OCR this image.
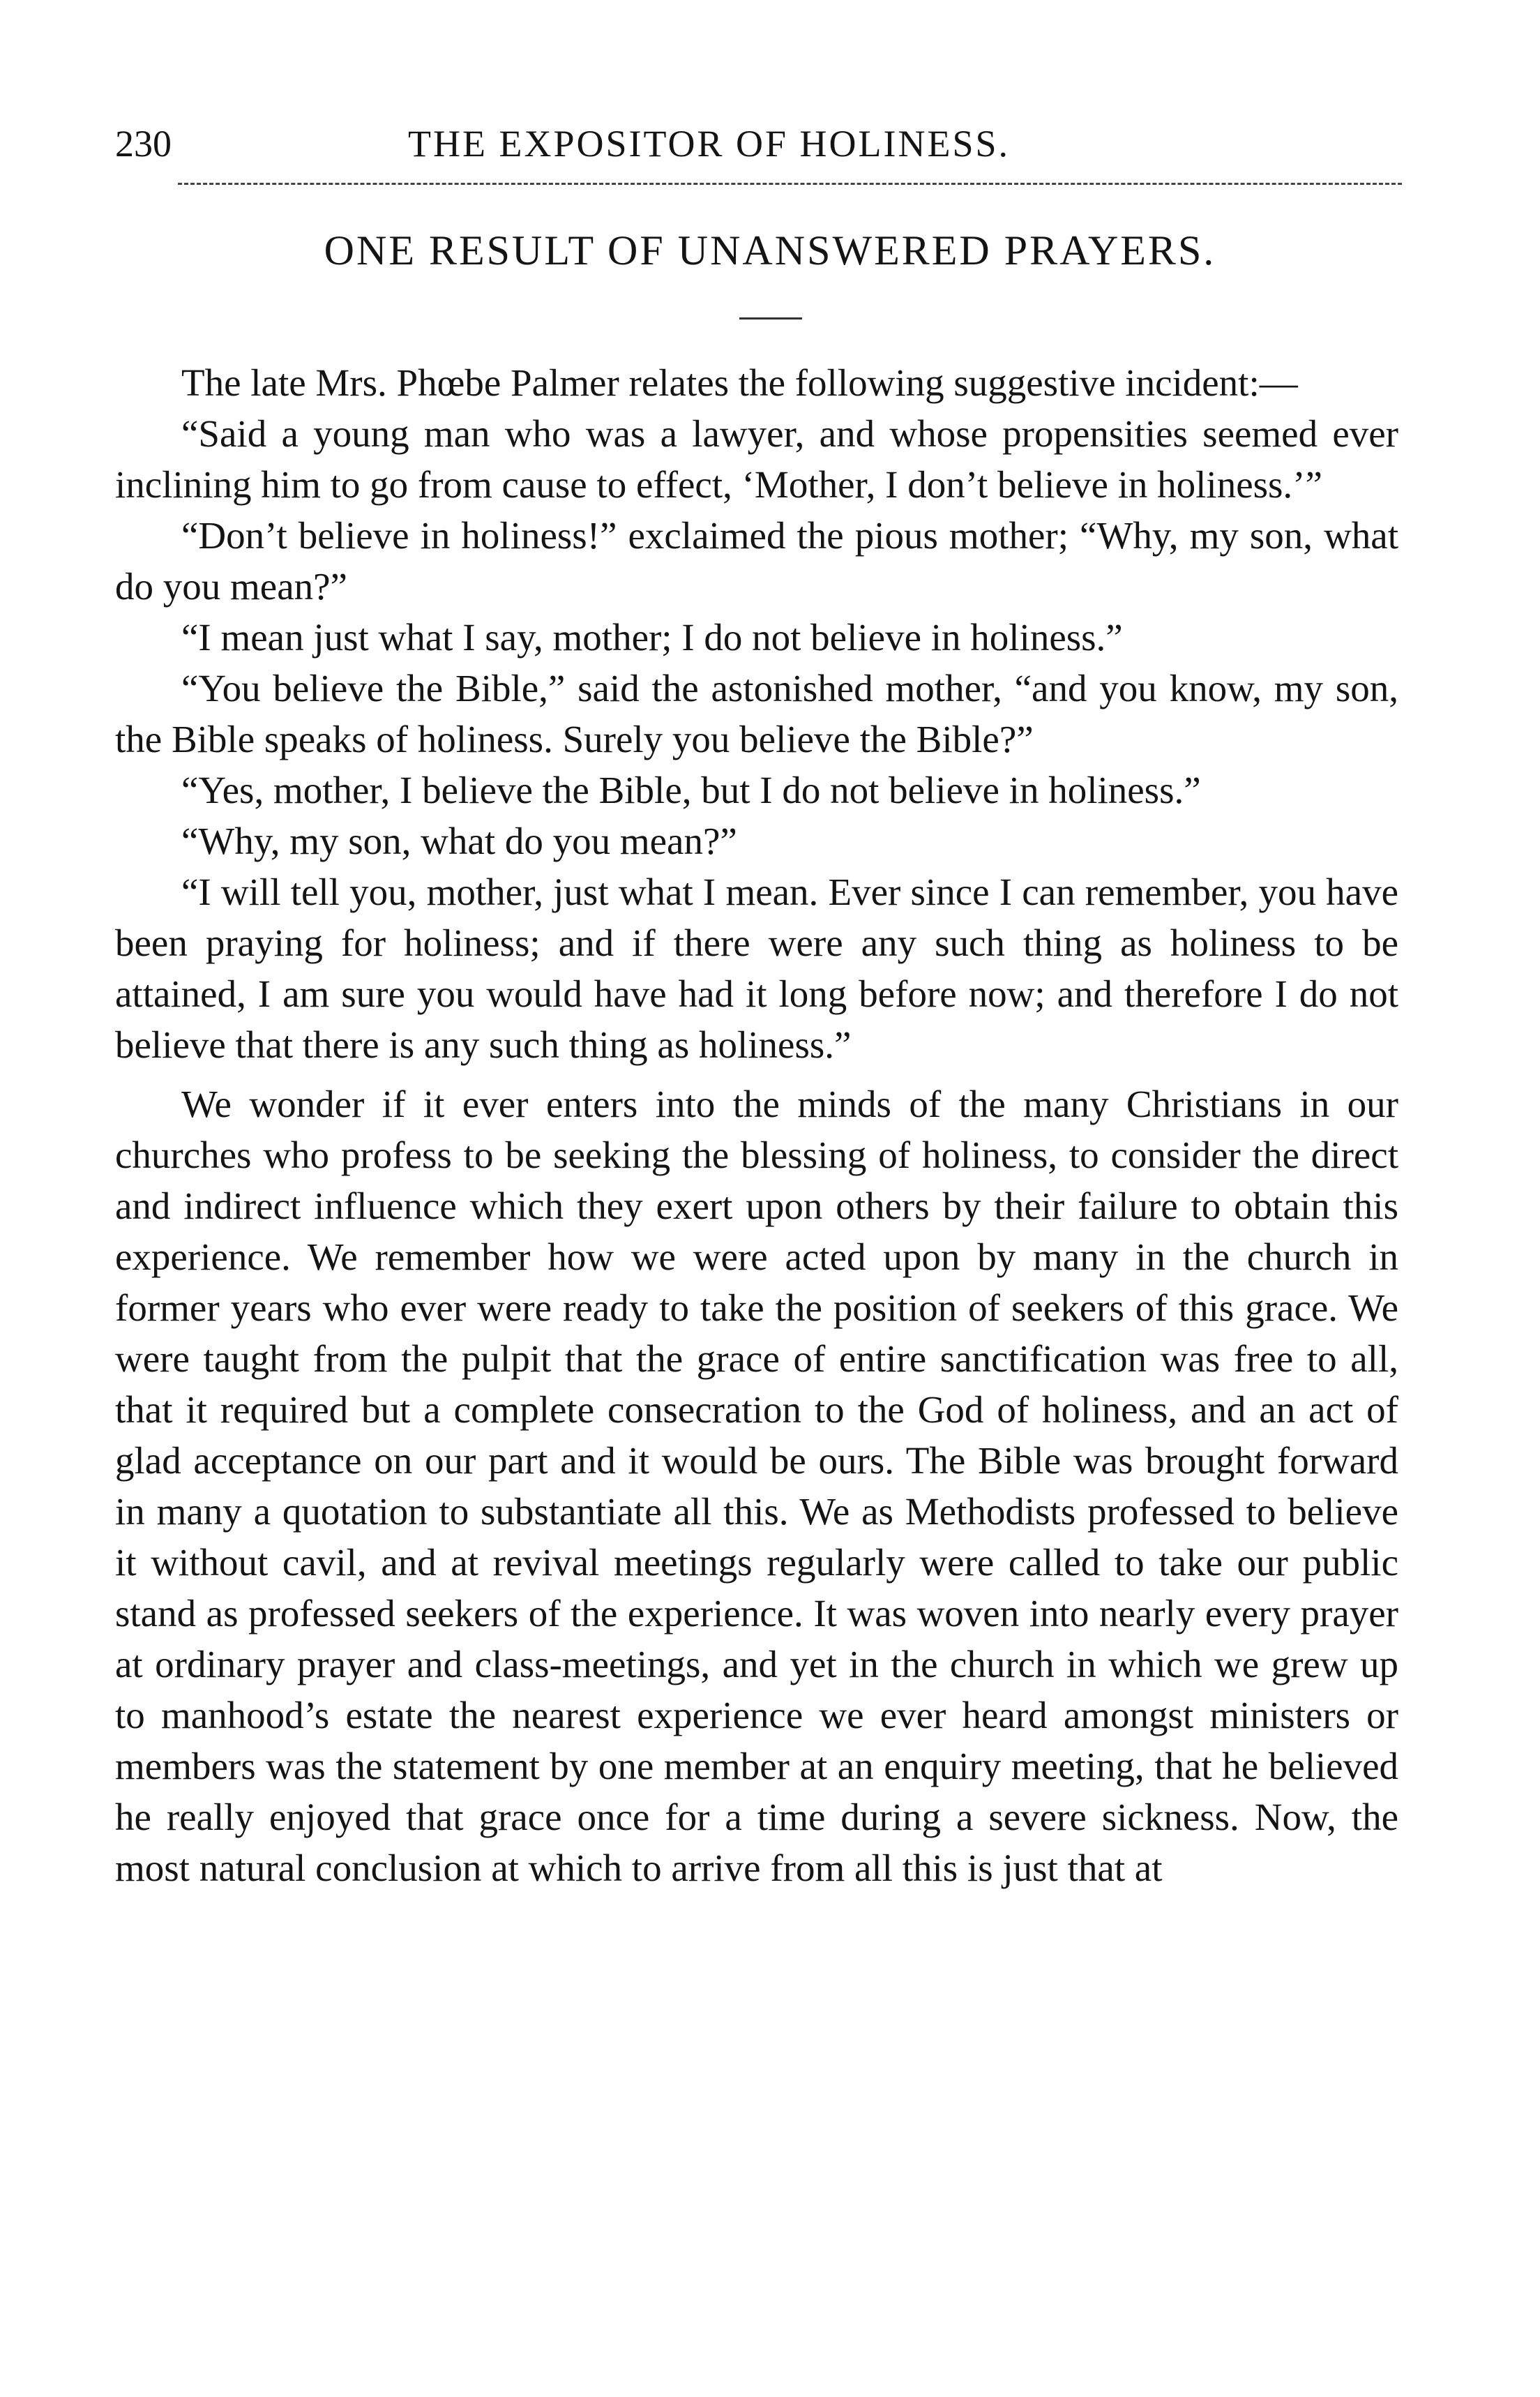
230	THE EXPOSITOR OF HOLINESS.
ONE RESULT OF UNANSWERED PRAYERS.

The late Mrs. Phœbe Palmer relates the following suggestive incident:—

“Said a young man who was a lawyer, and whose propensities seemed ever inclining him to go from cause to effect, ‘Mother, I don’t believe in holiness.’”

“Don’t believe in holiness!” exclaimed the pious mother; “Why, my son, what do you mean?”

“I mean just what I say, mother; I do not believe in holiness.”

“You believe the Bible,” said the astonished mother, “and you know, my son, the Bible speaks of holiness. Surely you believe the Bible?”

“Yes, mother, I believe the Bible, but I do not believe in holiness.”

“Why, my son, what do you mean?”

“I will tell you, mother, just what I mean. Ever since I can remember, you have been praying for holiness; and if there were any such thing as holiness to be attained, I am sure you would have had it long before now; and therefore I do not believe that there is any such thing as holiness.”

We wonder if it ever enters into the minds of the many Christians in our churches who profess to be seeking the blessing of holiness, to consider the direct and indirect influence which they exert upon others by their failure to obtain this experience. We remember how we were acted upon by many in the church in former years who ever were ready to take the position of seekers of this grace. We were taught from the pulpit that the grace of entire sanctification was free to all, that it required but a complete consecration to the God of holiness, and an act of glad acceptance on our part and it would be ours. The Bible was brought forward in many a quotation to substantiate all this. We as Methodists professed to believe it without cavil, and at revival meetings regularly were called to take our public stand as professed seekers of the experience. It was woven into nearly every prayer at ordinary prayer and class-meetings, and yet in the church in which we grew up to manhood’s estate the nearest experience we ever heard amongst ministers or members was the statement by one member at an enquiry meeting, that he believed he really enjoyed that grace once for a time during a severe sickness. Now, the most natural conclusion at which to arrive from all this is just that at
